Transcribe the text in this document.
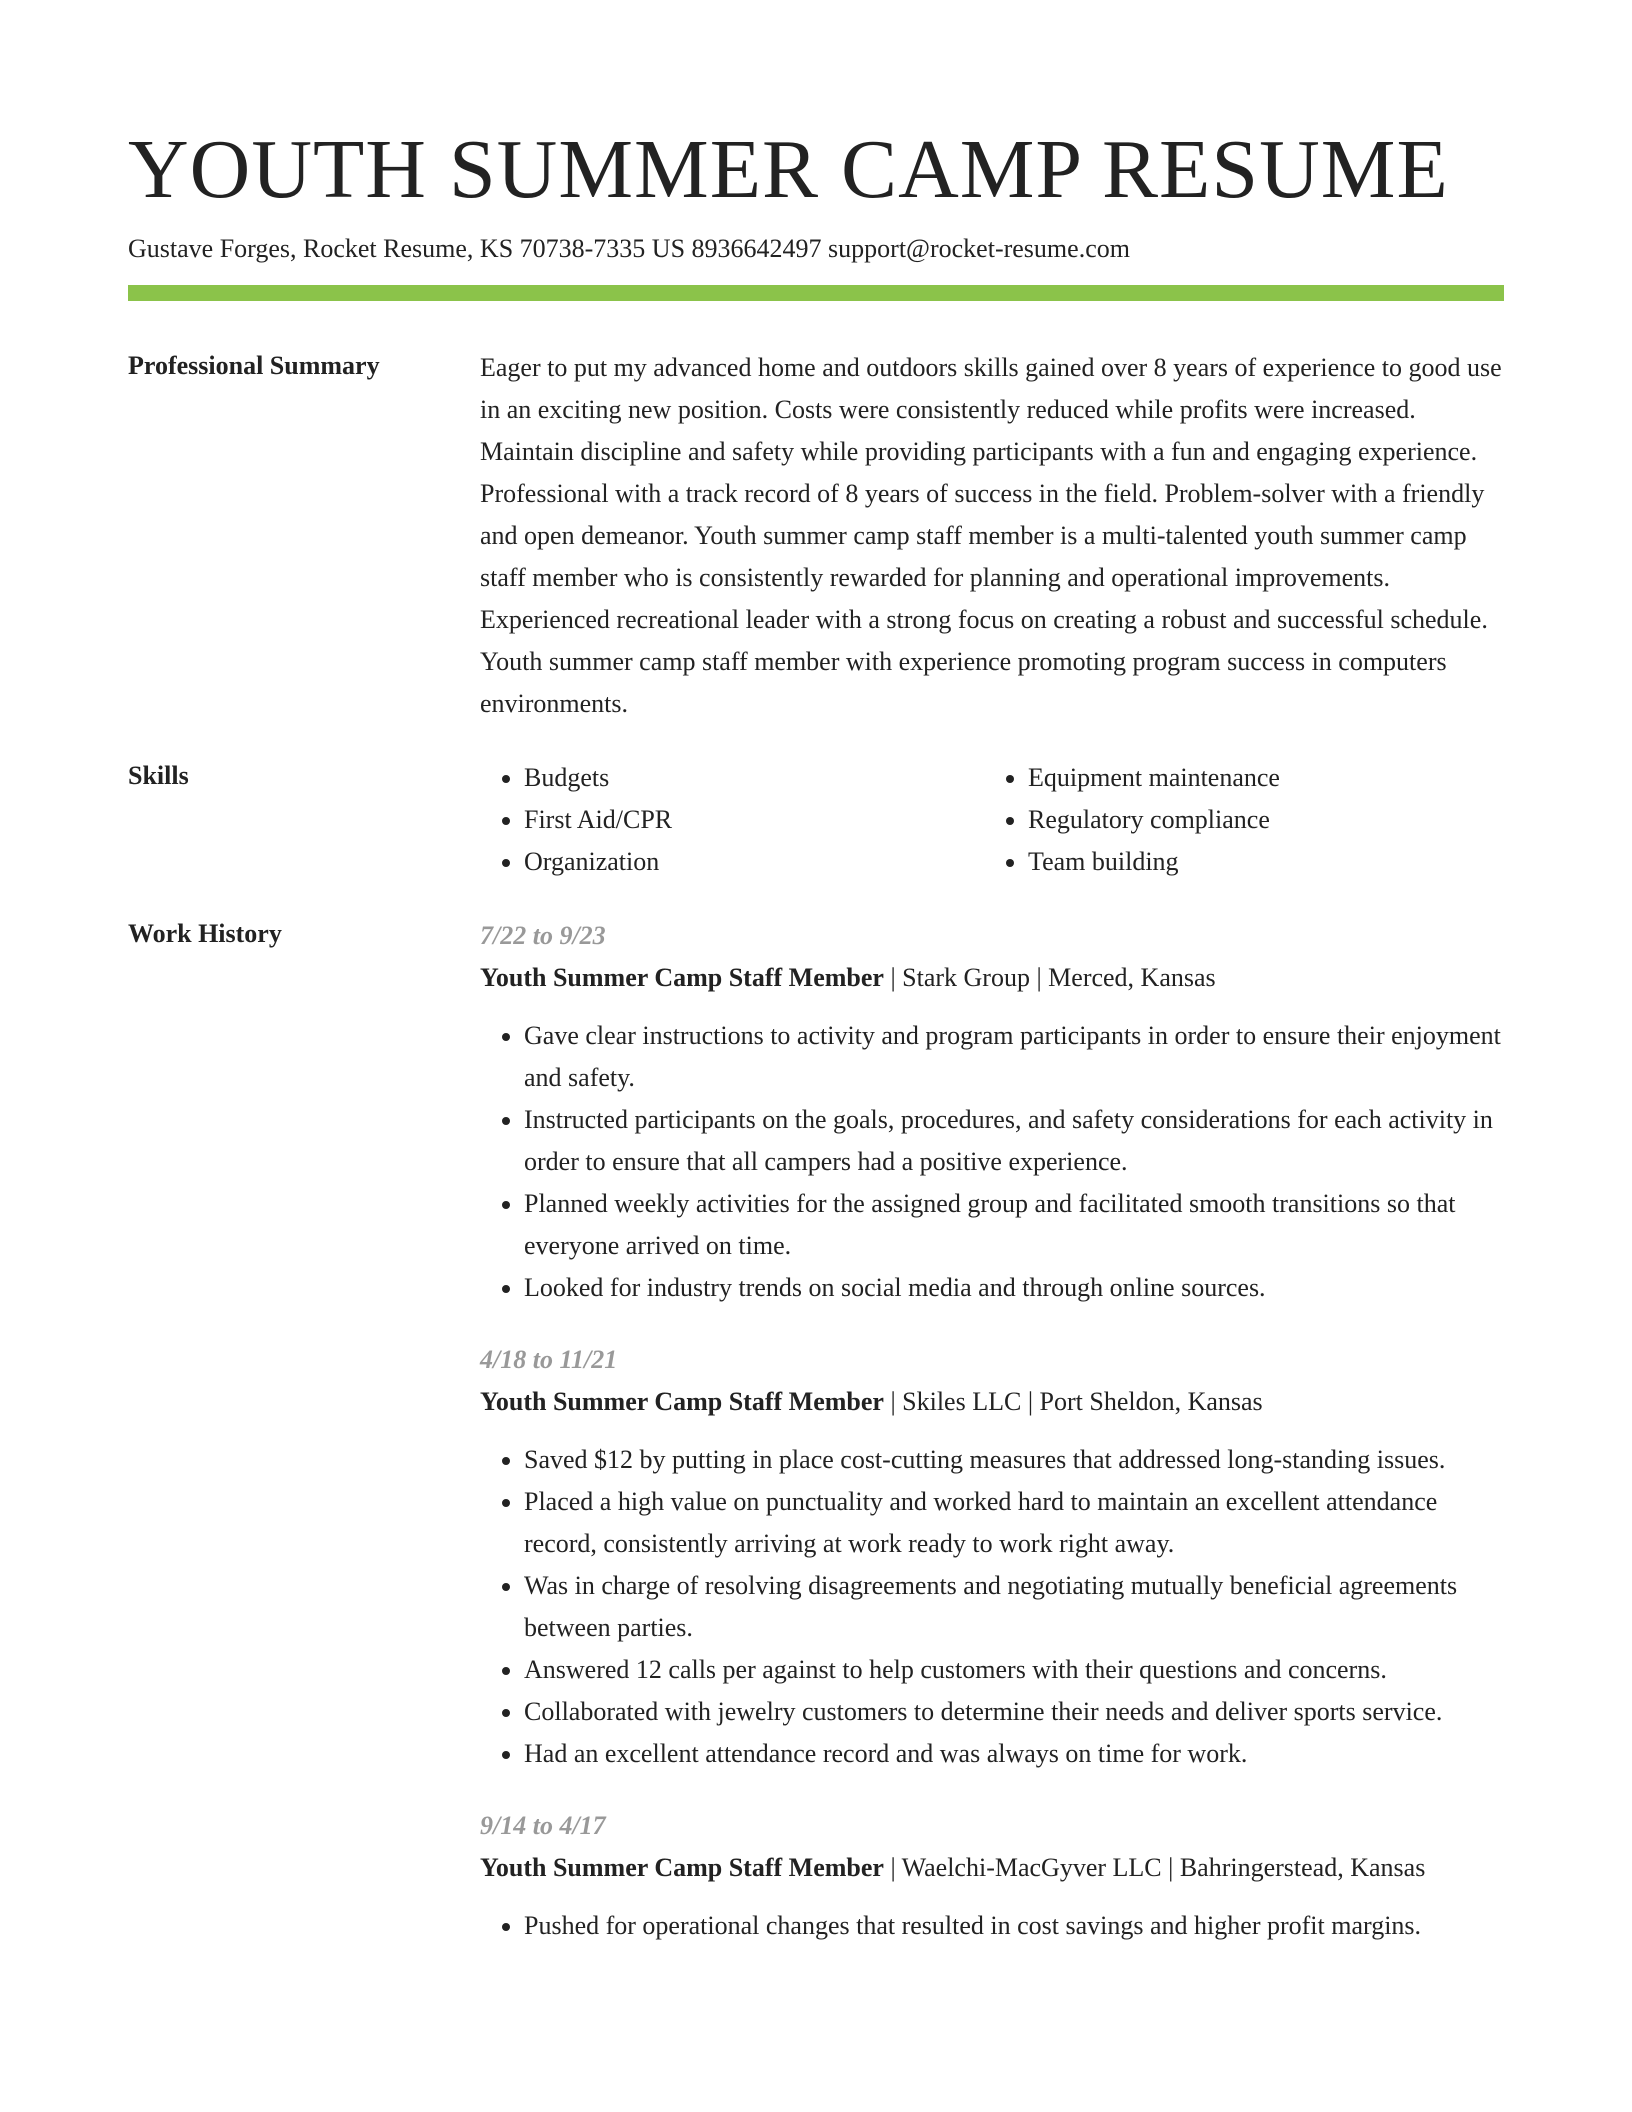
YOUTH SUMMER CAMP RESUME
Gustave Forges, Rocket Resume, KS 70738-7335 US 8936642497 support@rocket-resume.com
Professional Summary	Eager to put my advanced home and outdoors skills gained over 8 years of experience to good use in an exciting new position. Costs were consistently reduced while profits were increased. Maintain discipline and safety while providing participants with a fun and engaging experience. Professional with a track record of 8 years of success in the field. Problem-solver with a friendly and open demeanor. Youth summer camp staff member is a multi-talented youth summer camp staff member who is consistently rewarded for planning and operational improvements. Experienced recreational leader with a strong focus on creating a robust and successful schedule. Youth summer camp staff member with experience promoting program success in computers environments.

Skills
•	Budgets
• First Aid/CPR
• Organization
• Equipment maintenance
• Regulatory compliance
• Team building
Work History	7/22 to 9/23
Youth Summer Camp Staff Member | Stark Group | Merced, Kansas
• Gave clear instructions to activity and program participants in order to ensure their enjoyment and safety.
• Instructed participants on the goals, procedures, and safety considerations for each activity in order to ensure that all campers had a positive experience.
• Planned weekly activities for the assigned group and facilitated smooth transitions so that everyone arrived on time.
• Looked for industry trends on social media and through online sources.
4/18 to 11/21
Youth Summer Camp Staff Member | Skiles LLC | Port Sheldon, Kansas
• Saved $12 by putting in place cost-cutting measures that addressed long-standing issues.
• Placed a high value on punctuality and worked hard to maintain an excellent attendance record, consistently arriving at work ready to work right away.
• Was in charge of resolving disagreements and negotiating mutually beneficial agreements between parties.
• Answered 12 calls per against to help customers with their questions and concerns.
• Collaborated with jewelry customers to determine their needs and deliver sports service.
• Had an excellent attendance record and was always on time for work.
9/14 to 4/17
Youth Summer Camp Staff Member | Waelchi-MacGyver LLC | Bahringerstead, Kansas
• Pushed for operational changes that resulted in cost savings and higher profit margins.
